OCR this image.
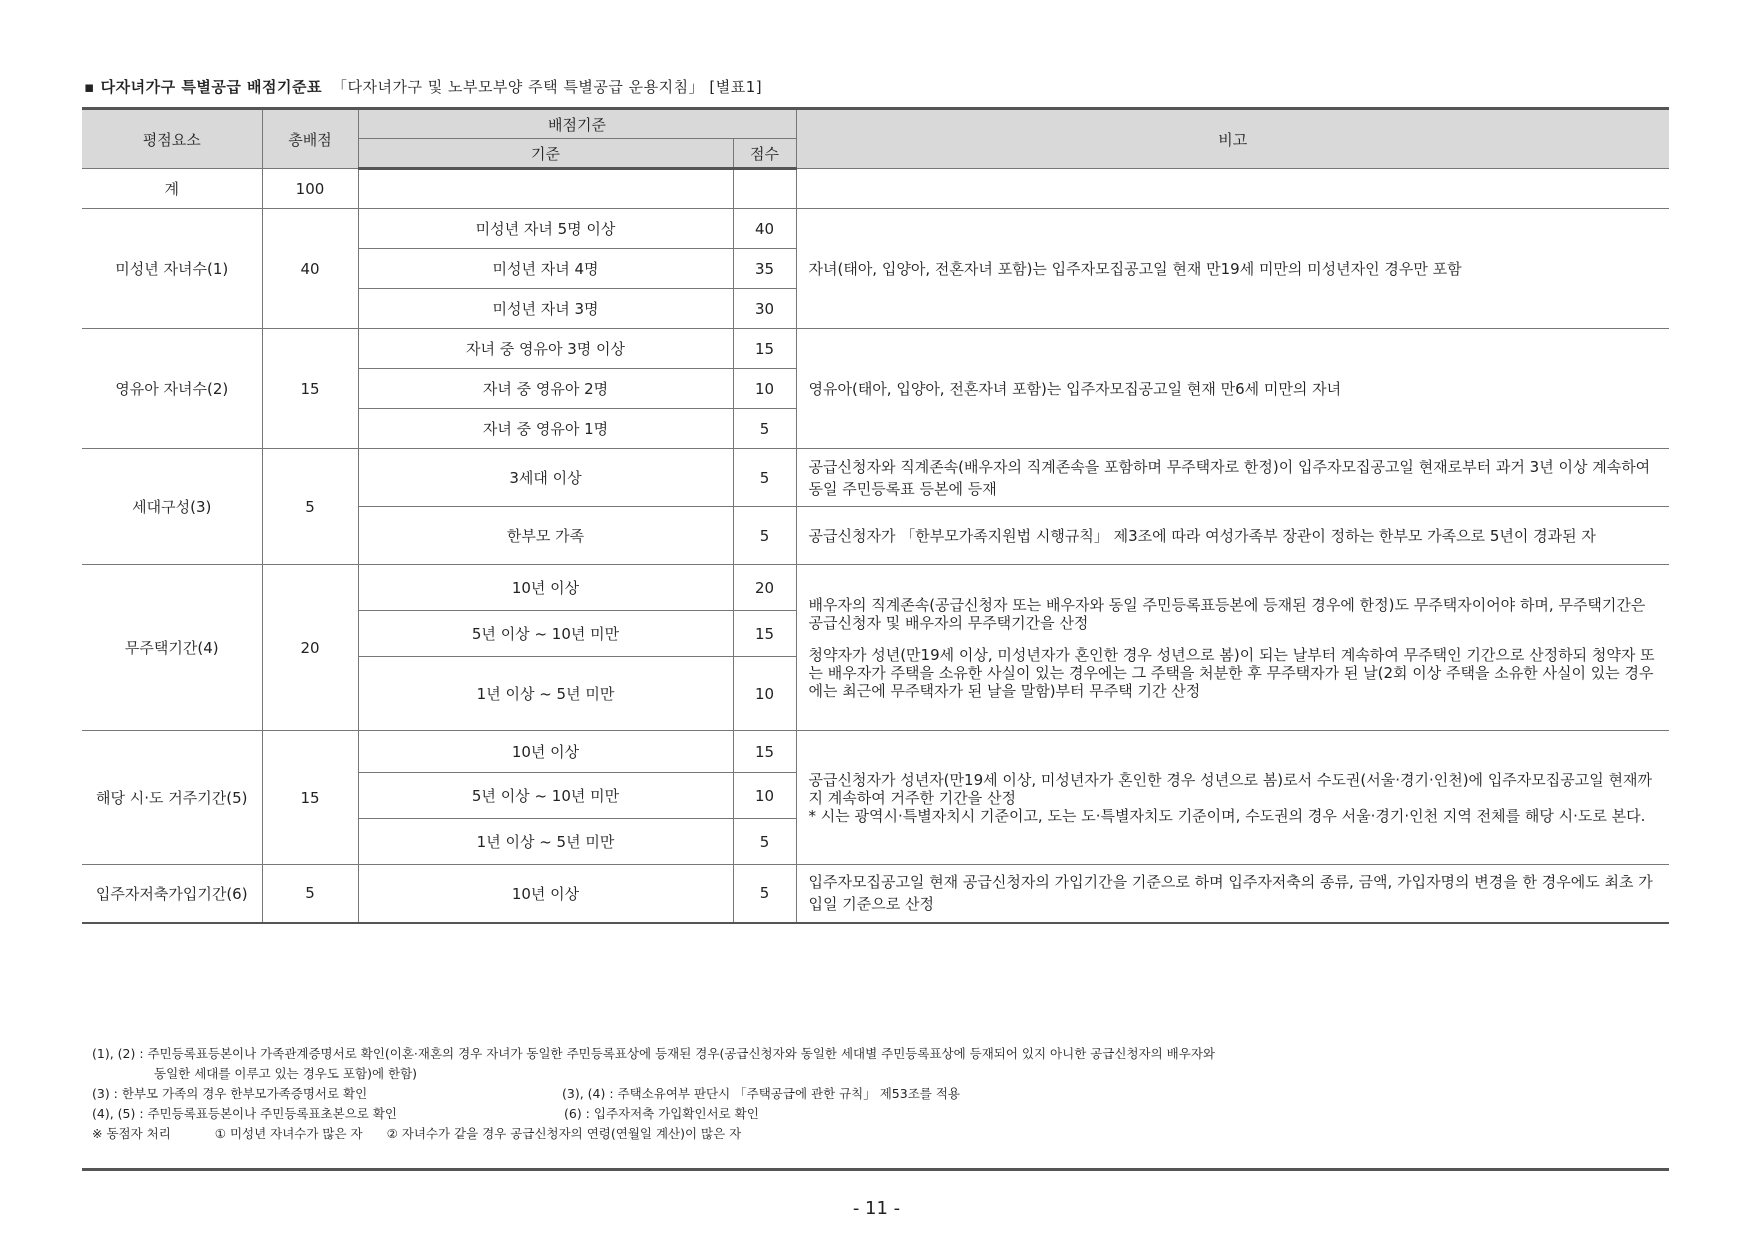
▪ 다자녀가구 특별공급 배점기준표 「다자녀가구 및 노부모부양 주택 특별공급 운용지침」 [별표1]
평점요소	총배점	배점기준		비고
		기준	점수	
계	100			
미성년 자녀수(1)	40	미성년 자녀 5명 이상	40	자녀(태아, 입양아, 전혼자녀 포함)는 입주자모집공고일 현재 만19세 미만의 미성년자인 경우만 포함
		미성년 자녀 4명	35	
		미성년 자녀 3명	30	
영유아 자녀수(2)	15	자녀 중 영유아 3명 이상	15	영유아(태아, 입양아, 전혼자녀 포함)는 입주자모집공고일 현재 만6세 미만의 자녀
		자녀 중 영유아 2명	10	
		자녀 중 영유아 1명	5	
세대구성(3)	5	3세대 이상	5	공급신청자와 직계존속(배우자의 직계존속을 포함하며 무주택자로 한정)이 입주자모집공고일 현재로부터 과거 3년 이상 계속하여 동일 주민등록표 등본에 등재
		한부모 가족	5	공급신청자가 「한부모가족지원법 시행규칙」 제3조에 따라 여성가족부 장관이 정하는 한부모 가족으로 5년이 경과된 자
무주택기간(4)	20	10년 이상	20	배우자의 직계존속(공급신청자 또는 배우자와 동일 주민등록표등본에 등재된 경우에 한정)도 무주택자이어야 하며, 무주택기간은 공급신청자 및 배우자의 무주택기간을 산정
청약자가 성년(만19세 이상, 미성년자가 혼인한 경우 성년으로 봄)이 되는 날부터 계속하여 무주택인 기간으로 산정하되 청약자 또는 배우자가 주택을 소유한 사실이 있는 경우에는 그 주택을 처분한 후 무주택자가 된 날(2회 이상 주택을 소유한 사실이 있는 경우에는 최근에 무주택자가 된 날을 말함)부터 무주택 기간 산정

		5년 이상 ~ 10년 미만	15	
		1년 이상 ~ 5년 미만	10	
해당 시·도 거주기간(5)	15	10년 이상	15	공급신청자가 성년자(만19세 이상, 미성년자가 혼인한 경우 성년으로 봄)로서 수도권(서울·경기·인천)에 입주자모집공고일 현재까지 계속하여 거주한 기간을 산정
* 시는 광역시·특별자치시 기준이고, 도는 도·특별자치도 기준이며, 수도권의 경우 서울·경기·인천 지역 전체를 해당 시·도로 본다.

		5년 이상 ~ 10년 미만	10	
		1년 이상 ~ 5년 미만	5	
입주자저축가입기간(6)	5	10년 이상	5	입주자모집공고일 현재 공급신청자의 가입기간을 기준으로 하며 입주자저축의 종류, 금액, 가입자명의 변경을 한 경우에도 최초 가입일 기준으로 산정
(1), (2) : 주민등록표등본이나 가족관계증명서로 확인(이혼·재혼의 경우 자녀가 동일한 주민등록표상에 등재된 경우(공급신청자와 동일한 세대별 주민등록표상에 등재되어 있지 아니한 공급신청자의 배우자와
동일한 세대를 이루고 있는 경우도 포함)에 한함)
(3) : 한부모 가족의 경우 한부모가족증명서로 확인	(3), (4) : 주택소유여부 판단시 「주택공급에 관한 규칙」 제53조를 적용
(4), (5) : 주민등록표등본이나 주민등록표초본으로 확인	(6) : 입주자저축 가입확인서로 확인
※ 동점자 처리	① 미성년 자녀수가 많은 자 ② 자녀수가 같을 경우 공급신청자의 연령(연월일 계산)이 많은 자
- 11 -
